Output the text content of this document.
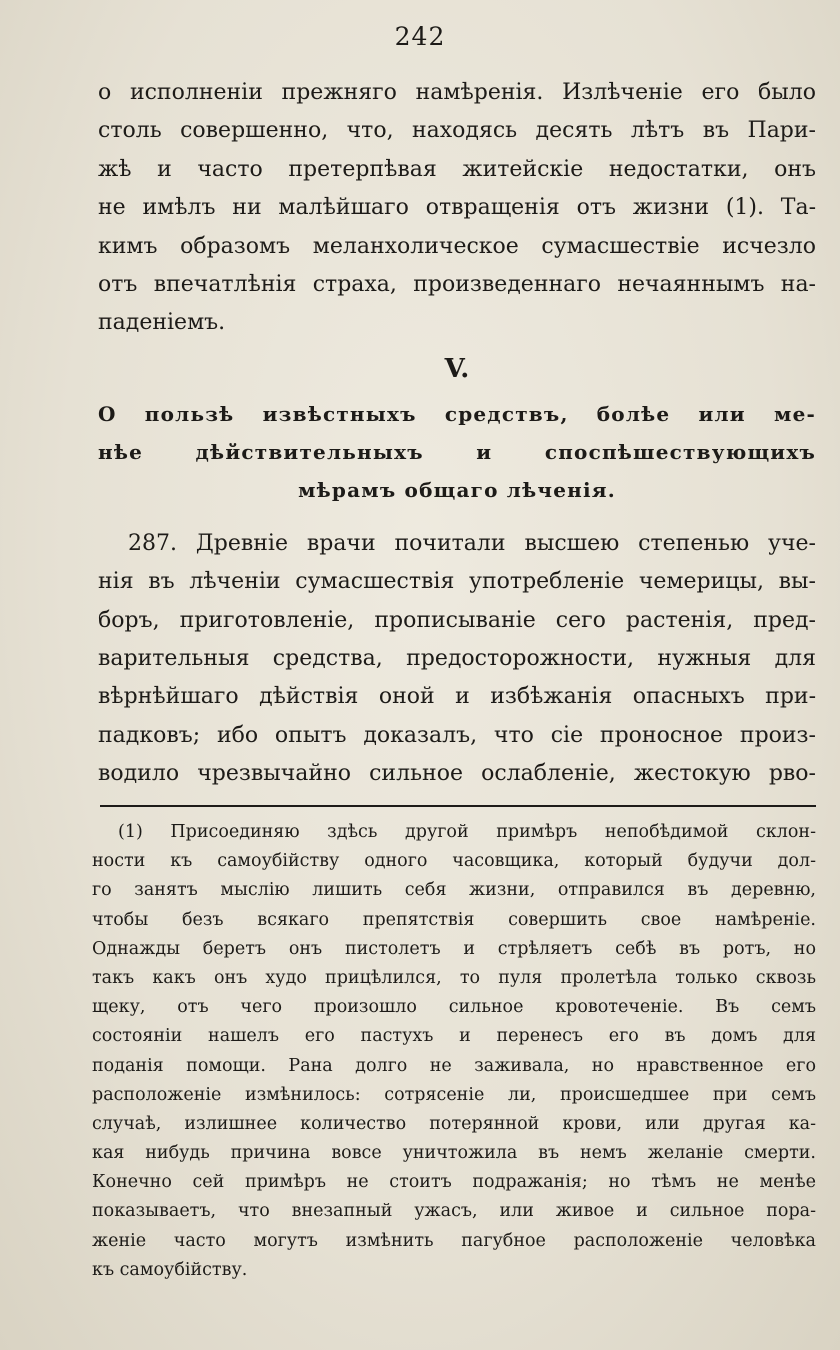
242
о исполненіи прежняго намѣренія. Излѣченіе его было
столь совершенно, что, находясь десять лѣтъ въ Пари-
жѣ и часто претерпѣвая житейскіе недостатки, онъ
не имѣлъ ни малѣйшаго отвращенія отъ жизни (1). Та-
кимъ образомъ меланхолическое сумасшествіе исчезло
отъ впечатлѣнія страха, произведеннаго нечаяннымъ на-
паденіемъ.
V.
О пользѣ извѣстныхъ средствъ, болѣе или ме-
нѣе дѣйствительныхъ и споспѣшествующихъ
мѣрамъ общаго лѣченія.
287. Древніе врачи почитали высшею степенью уче-
нія въ лѣченіи сумасшествія употребленіе чемерицы, вы-
боръ, приготовленіе, прописываніе сего растенія, пред-
варительныя средства, предосторожности, нужныя для
вѣрнѣйшаго дѣйствія оной и избѣжанія опасныхъ при-
падковъ; ибо опытъ доказалъ, что сіе проносное произ-
водило чрезвычайно сильное ослабленіе, жестокую рво-
(1) Присоединяю здѣсь другой примѣръ непобѣдимой склон-
ности къ самоубійству одного часовщика, который будучи дол-
го занятъ мыслію лишить себя жизни, отправился въ деревню,
чтобы безъ всякаго препятствія совершить свое намѣреніе.
Однажды беретъ онъ пистолетъ и стрѣляетъ себѣ въ ротъ, но
такъ какъ онъ худо прицѣлился, то пуля пролетѣла только сквозь
щеку, отъ чего произошло сильное кровотеченіе. Въ семъ
состояніи нашелъ его пастухъ и перенесъ его въ домъ для
поданія помощи. Рана долго не заживала, но нравственное его
расположеніе измѣнилось: сотрясеніе ли, происшедшее при семъ
случаѣ, излишнее количество потерянной крови, или другая ка-
кая нибудь причина вовсе уничтожила въ немъ желаніе смерти.
Конечно сей примѣръ не стоитъ подражанія; но тѣмъ не менѣе
показываетъ, что внезапный ужасъ, или живое и сильное пора-
женіе часто могутъ измѣнить пагубное расположеніе человѣка
къ самоубійству.
